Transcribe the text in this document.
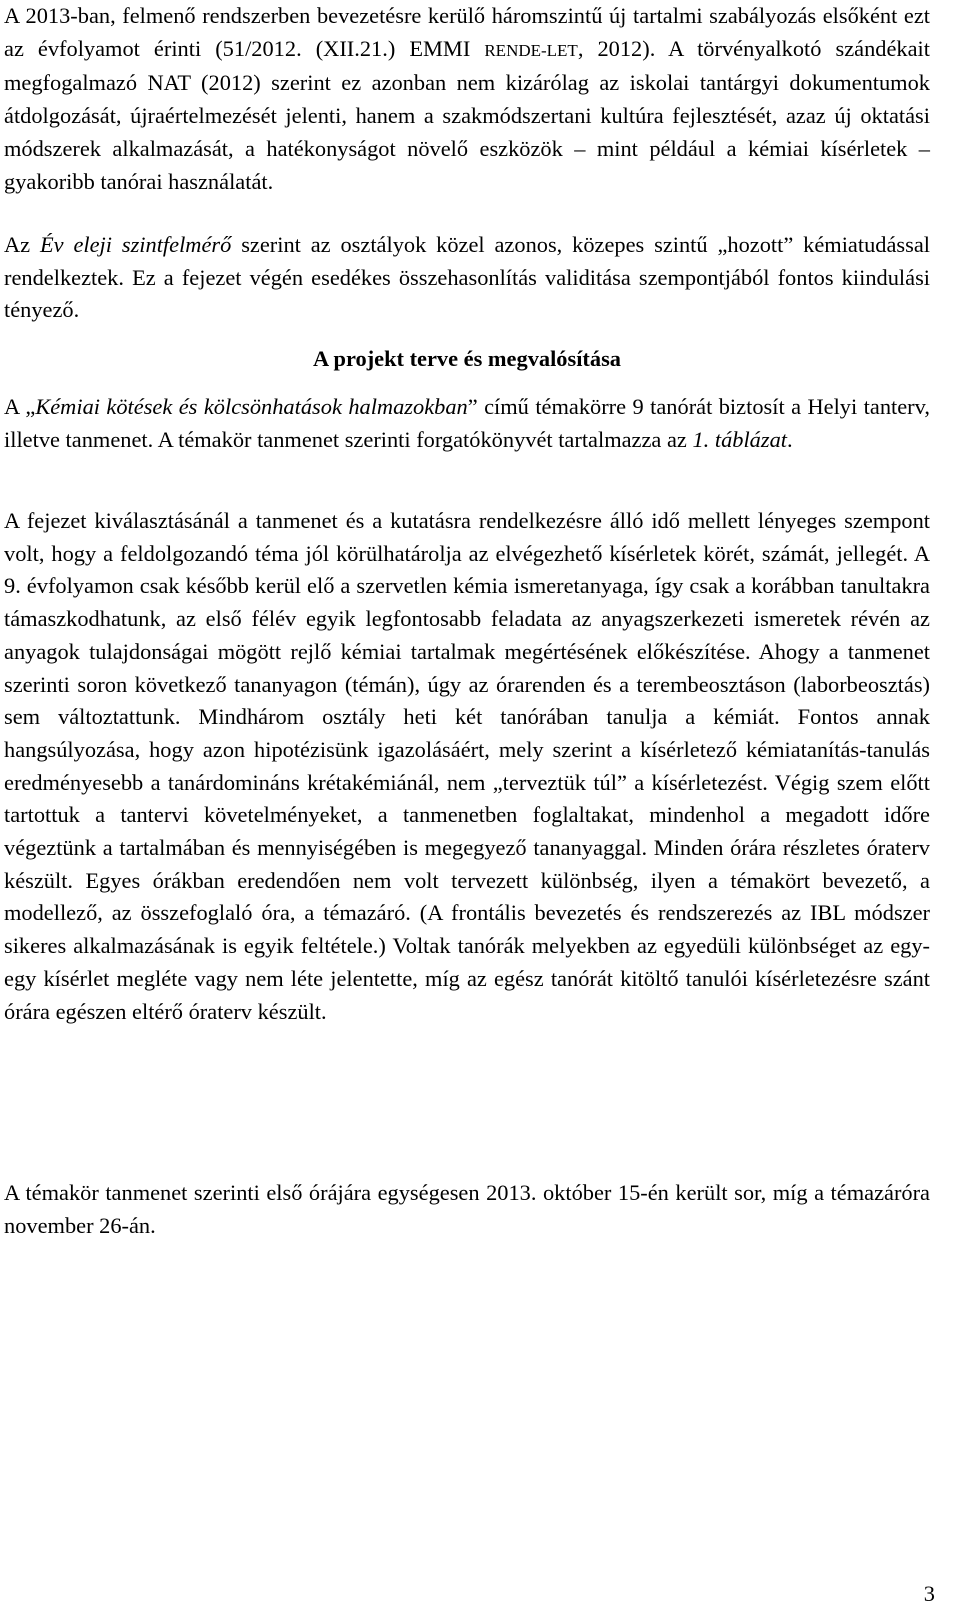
A 2013-ban, felmenő rendszerben bevezetésre kerülő háromszintű új tartalmi szabályozás elsőként ezt az évfolyamot érinti (51/2012. (XII.21.) EMMI RENDE-LET, 2012). A törvényalkotó szándékait megfogalmazó NAT (2012) szerint ez azonban nem kizárólag az iskolai tantárgyi dokumentumok átdolgozását, újraértelmezését jelenti, hanem a szakmódszertani kultúra fejlesztését, azaz új oktatási módszerek alkalmazását, a hatékonyságot növelő eszközök – mint például a kémiai kísérletek – gyakoribb tanórai használatát.

Az Év eleji szintfelmérő szerint az osztályok közel azonos, közepes szintű „hozott” kémiatudással rendelkeztek. Ez a fejezet végén esedékes összehasonlítás validitása szempontjából fontos kiindulási tényező.

A projekt terve és megvalósítása

A „Kémiai kötések és kölcsönhatások halmazokban” című témakörre 9 tanórát biztosít a Helyi tanterv, illetve tanmenet. A témakör tanmenet szerinti forgatókönyvét tartalmazza az 1. táblázat.

A fejezet kiválasztásánál a tanmenet és a kutatásra rendelkezésre álló idő mellett lényeges szempont volt, hogy a feldolgozandó téma jól körülhatárolja az elvégezhető kísérletek körét, számát, jellegét. A 9. évfolyamon csak később kerül elő a szervetlen kémia ismeretanyaga, így csak a korábban tanultakra támaszkodhatunk, az első félév egyik legfontosabb feladata az anyagszerkezeti ismeretek révén az anyagok tulajdonságai mögött rejlő kémiai tartalmak megértésének előkészítése. Ahogy a tanmenet szerinti soron következő tananyagon (témán), úgy az órarenden és a terembeosztáson (laborbeosztás) sem változtattunk. Mindhárom osztály heti két tanórában tanulja a kémiát. Fontos annak hangsúlyozása, hogy azon hipotézisünk igazolásáért, mely szerint a kísérletező kémiatanítás-tanulás eredményesebb a tanárdomináns krétakémiánál, nem „terveztük túl” a kísérletezést. Végig szem előtt tartottuk a tantervi követelményeket, a tanmenetben foglaltakat, mindenhol a megadott időre végeztünk a tartalmában és mennyiségében is megegyező tananyaggal. Minden órára részletes óraterv készült. Egyes órákban eredendően nem volt tervezett különbség, ilyen a témakört bevezető, a modellező, az összefoglaló óra, a témazáró. (A frontális bevezetés és rendszerezés az IBL módszer sikeres alkalmazásának is egyik feltétele.) Voltak tanórák melyekben az egyedüli különbséget az egy-egy kísérlet megléte vagy nem léte jelentette, míg az egész tanórát kitöltő tanulói kísérletezésre szánt órára egészen eltérő óraterv készült.

A témakör tanmenet szerinti első órájára egységesen 2013. október 15-én került sor, míg a témazáróra november 26-án.

3
